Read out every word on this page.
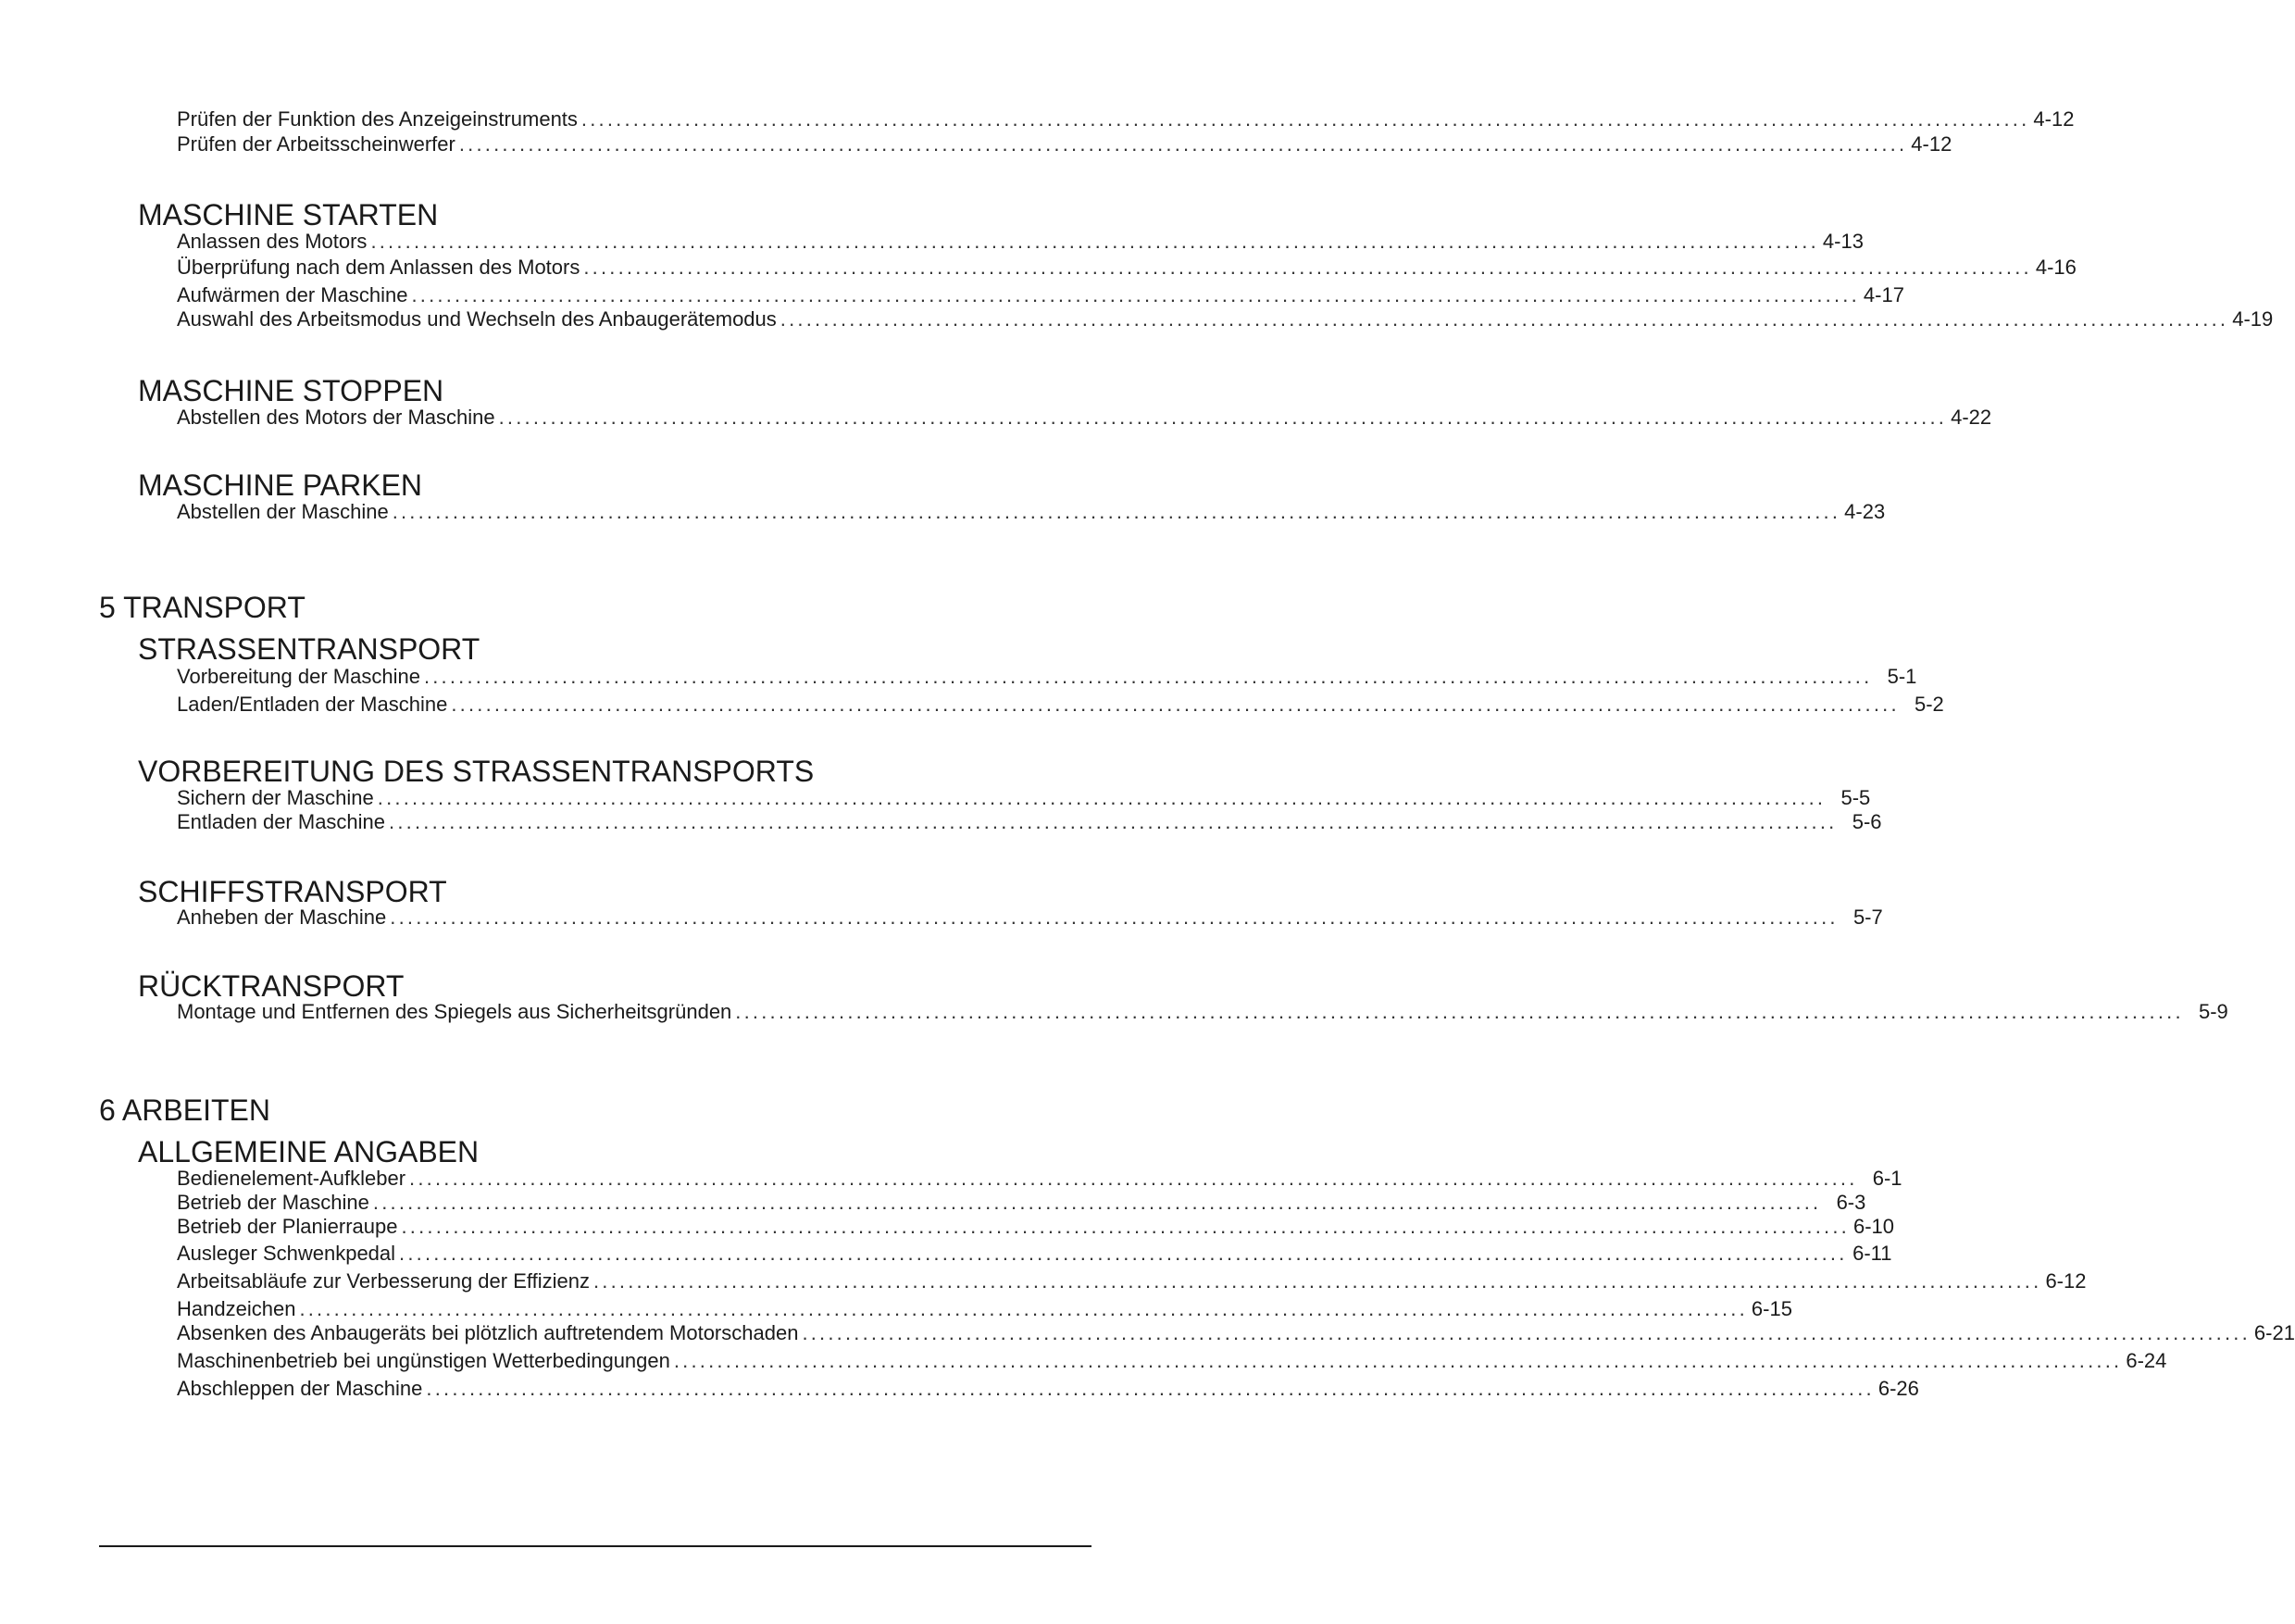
Prüfen der Funktion des Anzeigeinstruments ........................................................................................................................................................................ 4-12
Prüfen der Arbeitsscheinwerfer ........................................................................................................................................................................ 4-12
MASCHINE STARTEN
Anlassen des Motors ........................................................................................................................................................................ 4-13
Überprüfung nach dem Anlassen des Motors ........................................................................................................................................................................ 4-16
Aufwärmen der Maschine ........................................................................................................................................................................ 4-17
Auswahl des Arbeitsmodus und Wechseln des Anbaugerätemodus ........................................................................................................................................................................ 4-19
MASCHINE STOPPEN
Abstellen des Motors der Maschine ........................................................................................................................................................................ 4-22
MASCHINE PARKEN
Abstellen der Maschine ........................................................................................................................................................................ 4-23
5 TRANSPORT
STRASSENTRANSPORT
Vorbereitung der Maschine ........................................................................................................................................................................ 5-1
Laden/Entladen der Maschine ........................................................................................................................................................................ 5-2
VORBEREITUNG DES STRASSENTRANSPORTS
Sichern der Maschine ........................................................................................................................................................................ 5-5
Entladen der Maschine ........................................................................................................................................................................ 5-6
SCHIFFSTRANSPORT
Anheben der Maschine ........................................................................................................................................................................ 5-7
RÜCKTRANSPORT
Montage und Entfernen des Spiegels aus Sicherheitsgründen ........................................................................................................................................................................ 5-9
6 ARBEITEN
ALLGEMEINE ANGABEN
Bedienelement-Aufkleber ........................................................................................................................................................................ 6-1
Betrieb der Maschine ........................................................................................................................................................................ 6-3
Betrieb der Planierraupe ........................................................................................................................................................................ 6-10
Ausleger Schwenkpedal ........................................................................................................................................................................ 6-11
Arbeitsabläufe zur Verbesserung der Effizienz ........................................................................................................................................................................ 6-12
Handzeichen ........................................................................................................................................................................ 6-15
Absenken des Anbaugeräts bei plötzlich auftretendem Motorschaden ........................................................................................................................................................................ 6-21
Maschinenbetrieb bei ungünstigen Wetterbedingungen ........................................................................................................................................................................ 6-24
Abschleppen der Maschine ........................................................................................................................................................................ 6-26
